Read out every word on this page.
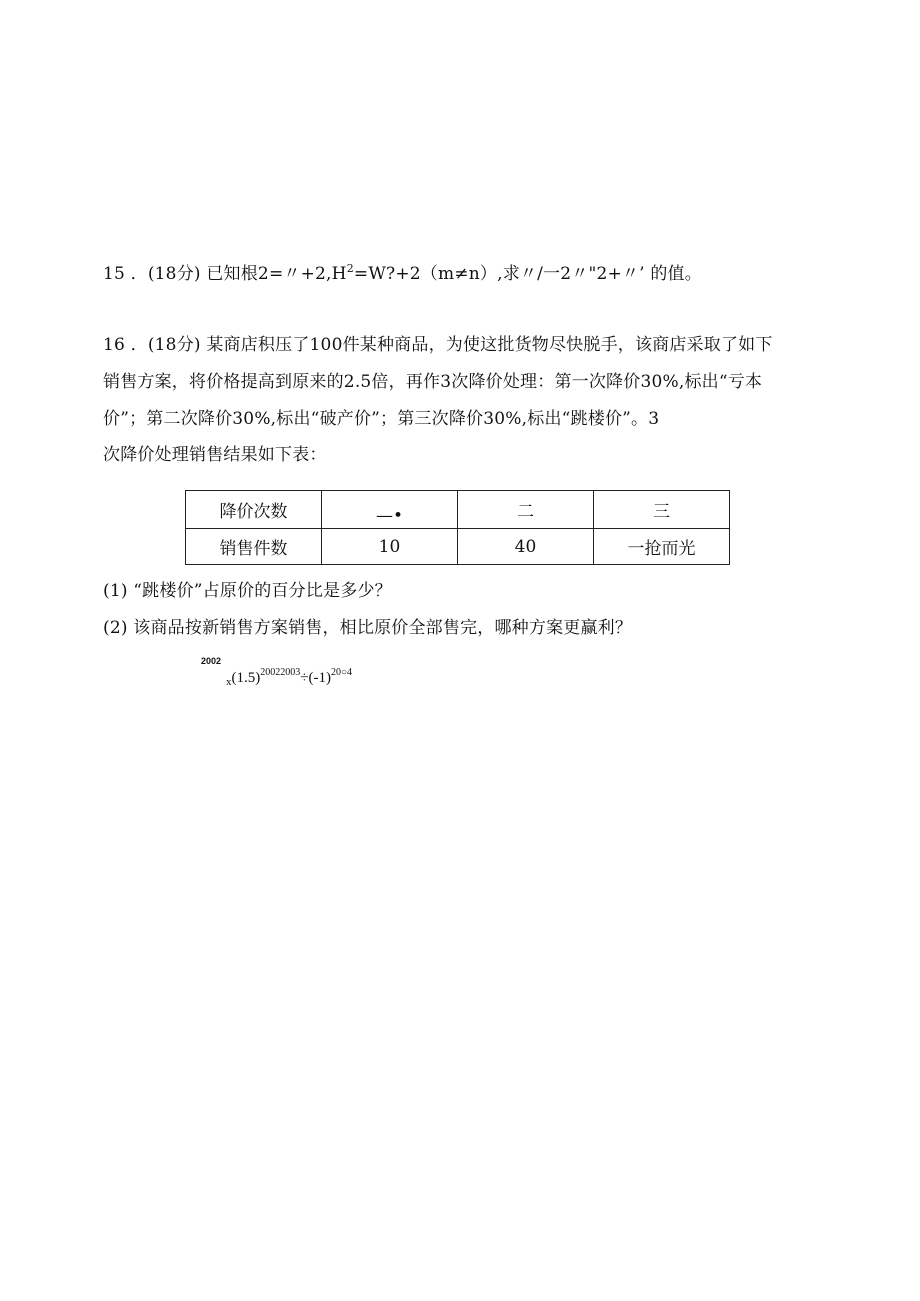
15 ．(18分) 已知根2=〃$+2,H^2=W?+2(m\ne n)$,求〃/一2〃"2+〃’ 的值。
16 ．(18分) 某商店积压了100件某种商品，为使这批货物尽快脱手，该商店采取了如下
销售方案，将价格提高到原来的2.5倍，再作3次降价处理：第一次降价30%,标出“亏本
价”；第二次降价30%,标出“破产价”；第三次降价30%,标出“跳楼价”。3
次降价处理销售结果如下表：
降价次数	—•	二	三
销售件数	10	40	一抢而光
(1) “跳楼价”占原价的百分比是多少？
(2) 该商品按新销售方案销售，相比原价全部售完，哪种方案更赢利？
2002
$_x(1.5)^{20022003}\div(-1)^{20○4}$
